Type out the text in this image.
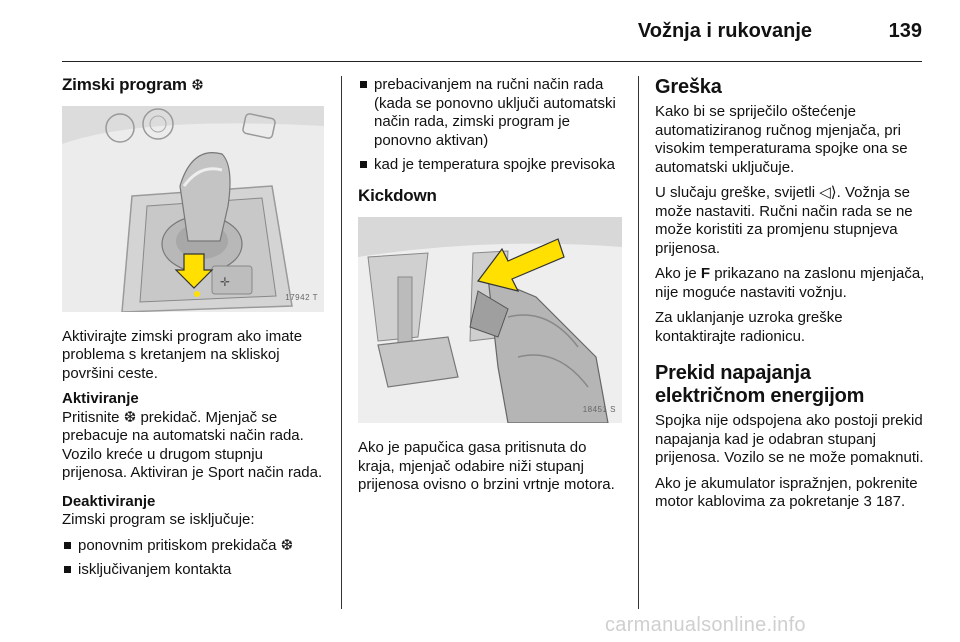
Vožnja i rukovanje	139
Zimski program ❆
✛
17942 T

Aktivirajte zimski program ako imate problema s kretanjem na skliskoj površini ceste.

Aktiviranje

Pritisnite ❆ prekidač. Mjenjač se prebacuje na automatski način rada. Vozilo kreće u drugom stupnju prijenosa. Aktiviran je Sport način rada.

Deaktiviranje

Zimski program se isključuje:

ponovnim pritiskom prekidača ❆
isključivanjem kontakta
prebacivanjem na ručni način rada (kada se ponovno uključi automatski način rada, zimski program je ponovno aktivan)
kad je temperatura spojke previsoka
Kickdown
18451 S

Ako je papučica gasa pritisnuta do kraja, mjenjač odabire niži stupanj prijenosa ovisno o brzini vrtnje motora.

Greška

Kako bi se spriječilo oštećenje automatiziranog ručnog mjenjača, pri visokim temperaturama spojke ona se automatski uključuje.

U slučaju greške, svijetli ◁⟩. Vožnja se može nastaviti. Ručni način rada se ne može koristiti za promjenu stupnjeva prijenosa.

Ako je F prikazano na zaslonu mjenjača, nije moguće nastaviti vožnju.

Za uklanjanje uzroka greške kontaktirajte radionicu.

Prekid napajanja električnom energijom

Spojka nije odspojena ako postoji prekid napajanja kad je odabran stupanj prijenosa. Vozilo se ne može pomaknuti.

Ako je akumulator ispražnjen, pokrenite motor kablovima za pokretanje 3 187.

carmanualsonline.info
